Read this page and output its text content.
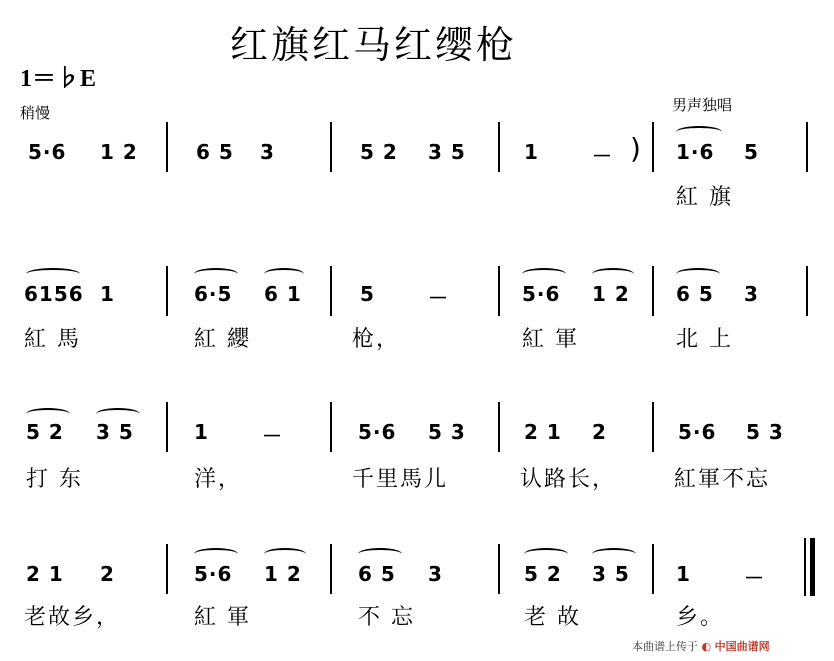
红旗红马红缨枪
1＝♭E
稍慢	男声独唱
5·6 1 2	6 5 3	5 2 3 5	1	－ ) 1·6 5
紅 旗
6156 1	6·5 6 1	5	－	5·6 1 2 6 5 3
紅 馬	紅 纓	枪，	紅 軍	北 上
5 2 3 5	1	－	5·6 5 3	2 1 2	5·6 5 3
打 东	洋，	千里馬儿	认路长，	紅軍不忘
2 1 2	5·6 1 2	6 5 3	5 2 3 5 1	－
老故乡，	紅 軍	不 忘	老 故	乡。
本曲谱上传于 ◐ 中国曲谱网
